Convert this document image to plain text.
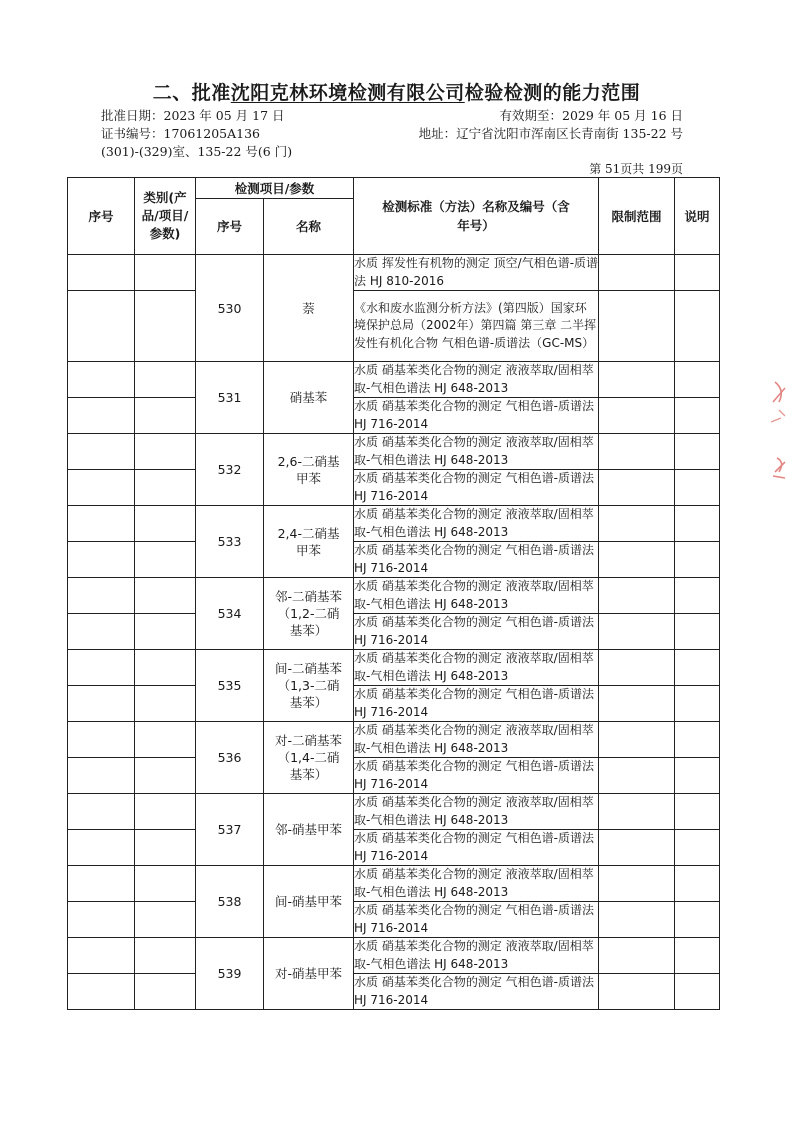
二、批准沈阳克林环境检测有限公司检验检测的能力范围
批准日期：2023 年 05 月 17 日	有效期至：2029 年 05 月 16 日
证书编号：17061205A136	地址：辽宁省沈阳市浑南区长青南街 135-22 号
(301)-(329)室、135-22 号(6 门)
第 51页共 199页
序号	类别(产品/项目/参数)	检测项目/参数		检测标准（方法）名称及编号（含年号）	限制范围	说明
		序号	名称			
		530	萘	水质 挥发性有机物的测定 顶空/气相色谱-质谱法 HJ 810-2016		
				《水和废水监测分析方法》(第四版）国家环境保护总局（2002年）第四篇 第三章 二半挥发性有机化合物 气相色谱-质谱法（GC-MS）		
		531	硝基苯	水质 硝基苯类化合物的测定 液液萃取/固相萃取-气相色谱法 HJ 648-2013		
				水质 硝基苯类化合物的测定 气相色谱-质谱法 HJ 716-2014		
		532	2,6-二硝基甲苯	水质 硝基苯类化合物的测定 液液萃取/固相萃取-气相色谱法 HJ 648-2013		
				水质 硝基苯类化合物的测定 气相色谱-质谱法 HJ 716-2014		
		533	2,4-二硝基甲苯	水质 硝基苯类化合物的测定 液液萃取/固相萃取-气相色谱法 HJ 648-2013		
				水质 硝基苯类化合物的测定 气相色谱-质谱法 HJ 716-2014		
		534	邻-二硝基苯（1,2-二硝基苯）	水质 硝基苯类化合物的测定 液液萃取/固相萃取-气相色谱法 HJ 648-2013		
				水质 硝基苯类化合物的测定 气相色谱-质谱法 HJ 716-2014		
		535	间-二硝基苯（1,3-二硝基苯）	水质 硝基苯类化合物的测定 液液萃取/固相萃取-气相色谱法 HJ 648-2013		
				水质 硝基苯类化合物的测定 气相色谱-质谱法 HJ 716-2014		
		536	对-二硝基苯（1,4-二硝基苯）	水质 硝基苯类化合物的测定 液液萃取/固相萃取-气相色谱法 HJ 648-2013		
				水质 硝基苯类化合物的测定 气相色谱-质谱法 HJ 716-2014		
		537	邻-硝基甲苯	水质 硝基苯类化合物的测定 液液萃取/固相萃取-气相色谱法 HJ 648-2013		
				水质 硝基苯类化合物的测定 气相色谱-质谱法 HJ 716-2014		
		538	间-硝基甲苯	水质 硝基苯类化合物的测定 液液萃取/固相萃取-气相色谱法 HJ 648-2013		
				水质 硝基苯类化合物的测定 气相色谱-质谱法 HJ 716-2014		
		539	对-硝基甲苯	水质 硝基苯类化合物的测定 液液萃取/固相萃取-气相色谱法 HJ 648-2013		
				水质 硝基苯类化合物的测定 气相色谱-质谱法 HJ 716-2014		
